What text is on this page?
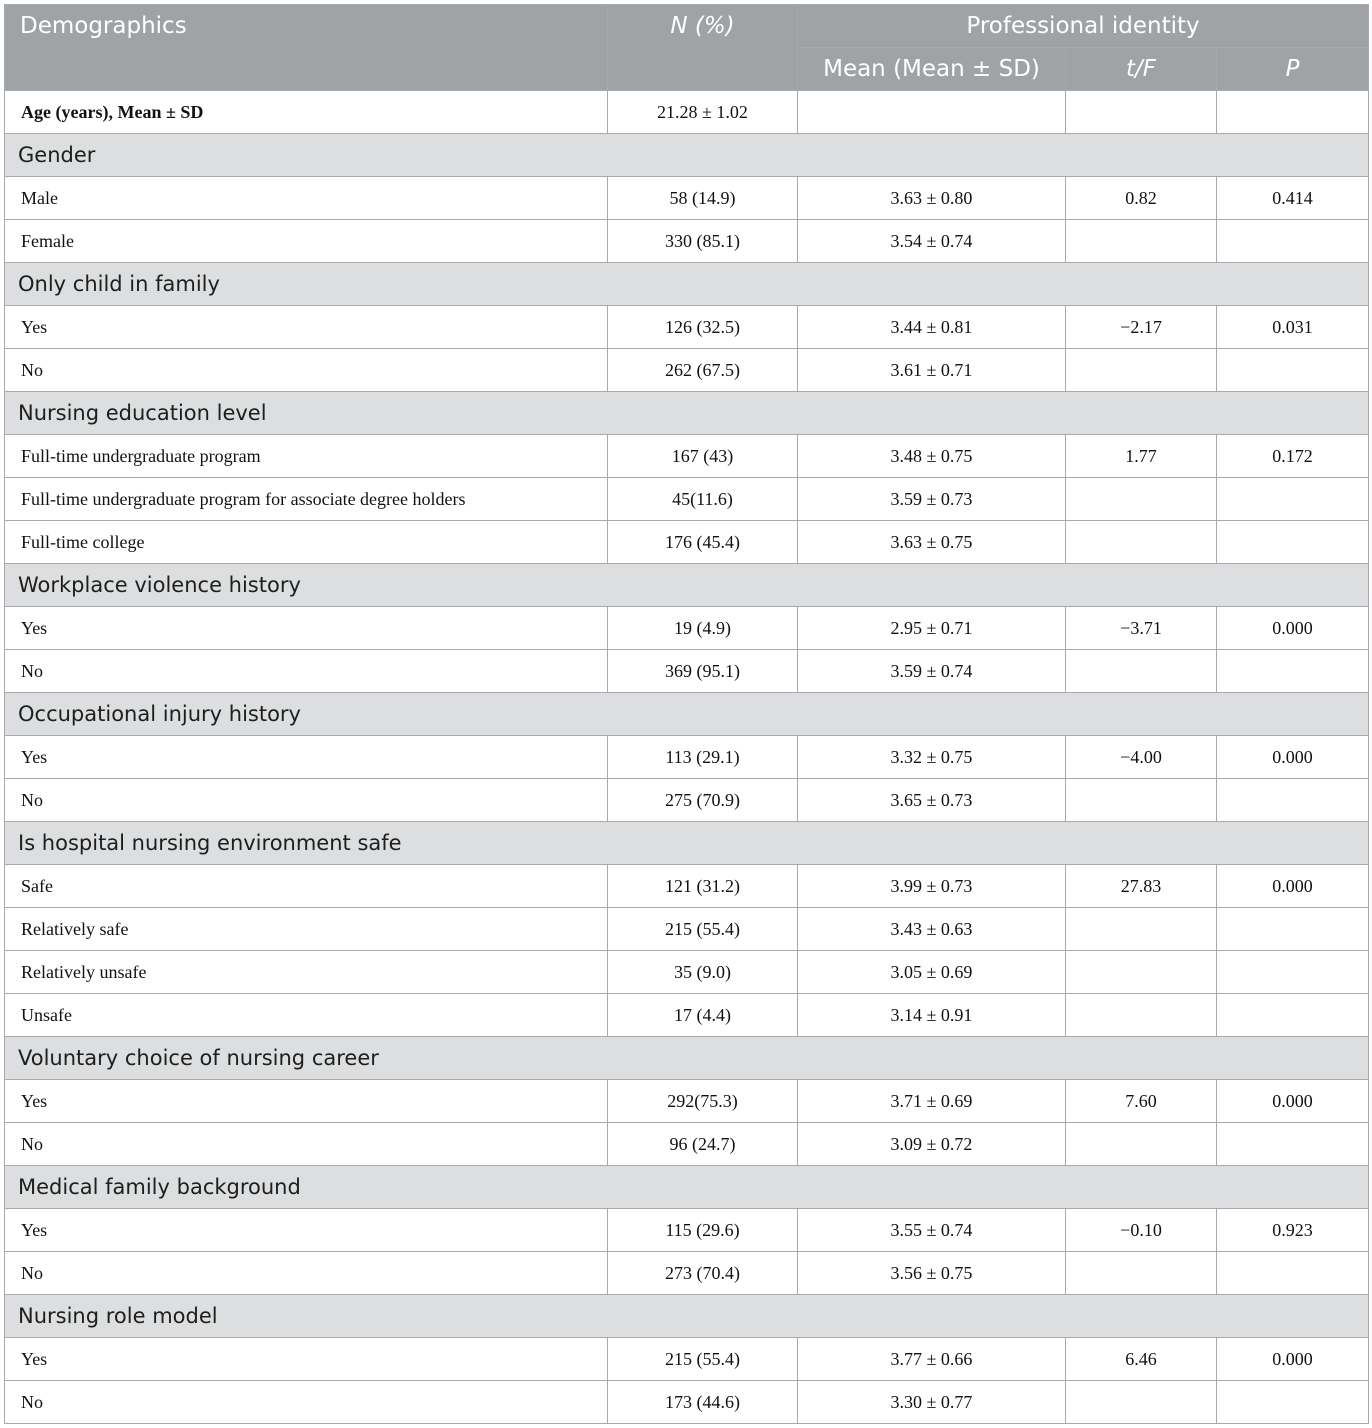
Demographics	N (%)	Professional identity		
		Mean (Mean ± SD)	t/F	P
Age (years), Mean ± SD	21.28 ± 1.02			
Gender				
Male	58 (14.9)	3.63 ± 0.80	0.82	0.414
Female	330 (85.1)	3.54 ± 0.74		
Only child in family				
Yes	126 (32.5)	3.44 ± 0.81	−2.17	0.031
No	262 (67.5)	3.61 ± 0.71		
Nursing education level				
Full-time undergraduate program	167 (43)	3.48 ± 0.75	1.77	0.172
Full-time undergraduate program for associate degree holders	45(11.6)	3.59 ± 0.73		
Full-time college	176 (45.4)	3.63 ± 0.75		
Workplace violence history				
Yes	19 (4.9)	2.95 ± 0.71	−3.71	0.000
No	369 (95.1)	3.59 ± 0.74		
Occupational injury history				
Yes	113 (29.1)	3.32 ± 0.75	−4.00	0.000
No	275 (70.9)	3.65 ± 0.73		
Is hospital nursing environment safe				
Safe	121 (31.2)	3.99 ± 0.73	27.83	0.000
Relatively safe	215 (55.4)	3.43 ± 0.63		
Relatively unsafe	35 (9.0)	3.05 ± 0.69		
Unsafe	17 (4.4)	3.14 ± 0.91		
Voluntary choice of nursing career				
Yes	292(75.3)	3.71 ± 0.69	7.60	0.000
No	96 (24.7)	3.09 ± 0.72		
Medical family background				
Yes	115 (29.6)	3.55 ± 0.74	−0.10	0.923
No	273 (70.4)	3.56 ± 0.75		
Nursing role model				
Yes	215 (55.4)	3.77 ± 0.66	6.46	0.000
No	173 (44.6)	3.30 ± 0.77		
